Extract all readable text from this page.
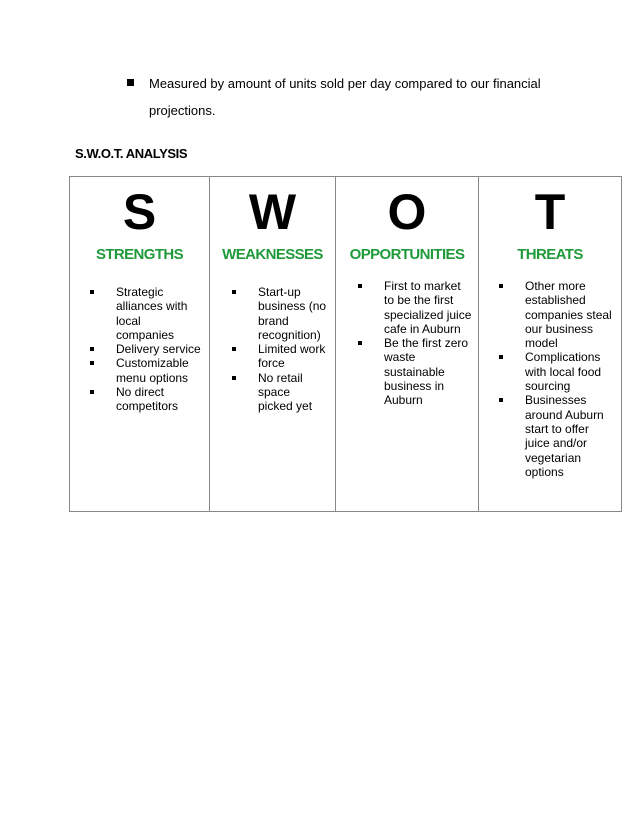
Measured by amount of units sold per day compared to our financial
projections.
S.W.O.T. ANALYSIS
S
STRENGTHS
Strategic alliances with local companies
Delivery service
Customizable menu options
No direct competitors

W
WEAKNESSES
Start-up business (no brand recognition)
Limited work force
No retail space picked yet

O
OPPORTUNITIES
First to market to be the first specialized juice cafe in Auburn
Be the first zero waste sustainable business in Auburn

T
THREATS
Other more established companies steal our business model
Complications with local food sourcing
Businesses around Auburn start to offer juice and/or vegetarian options
